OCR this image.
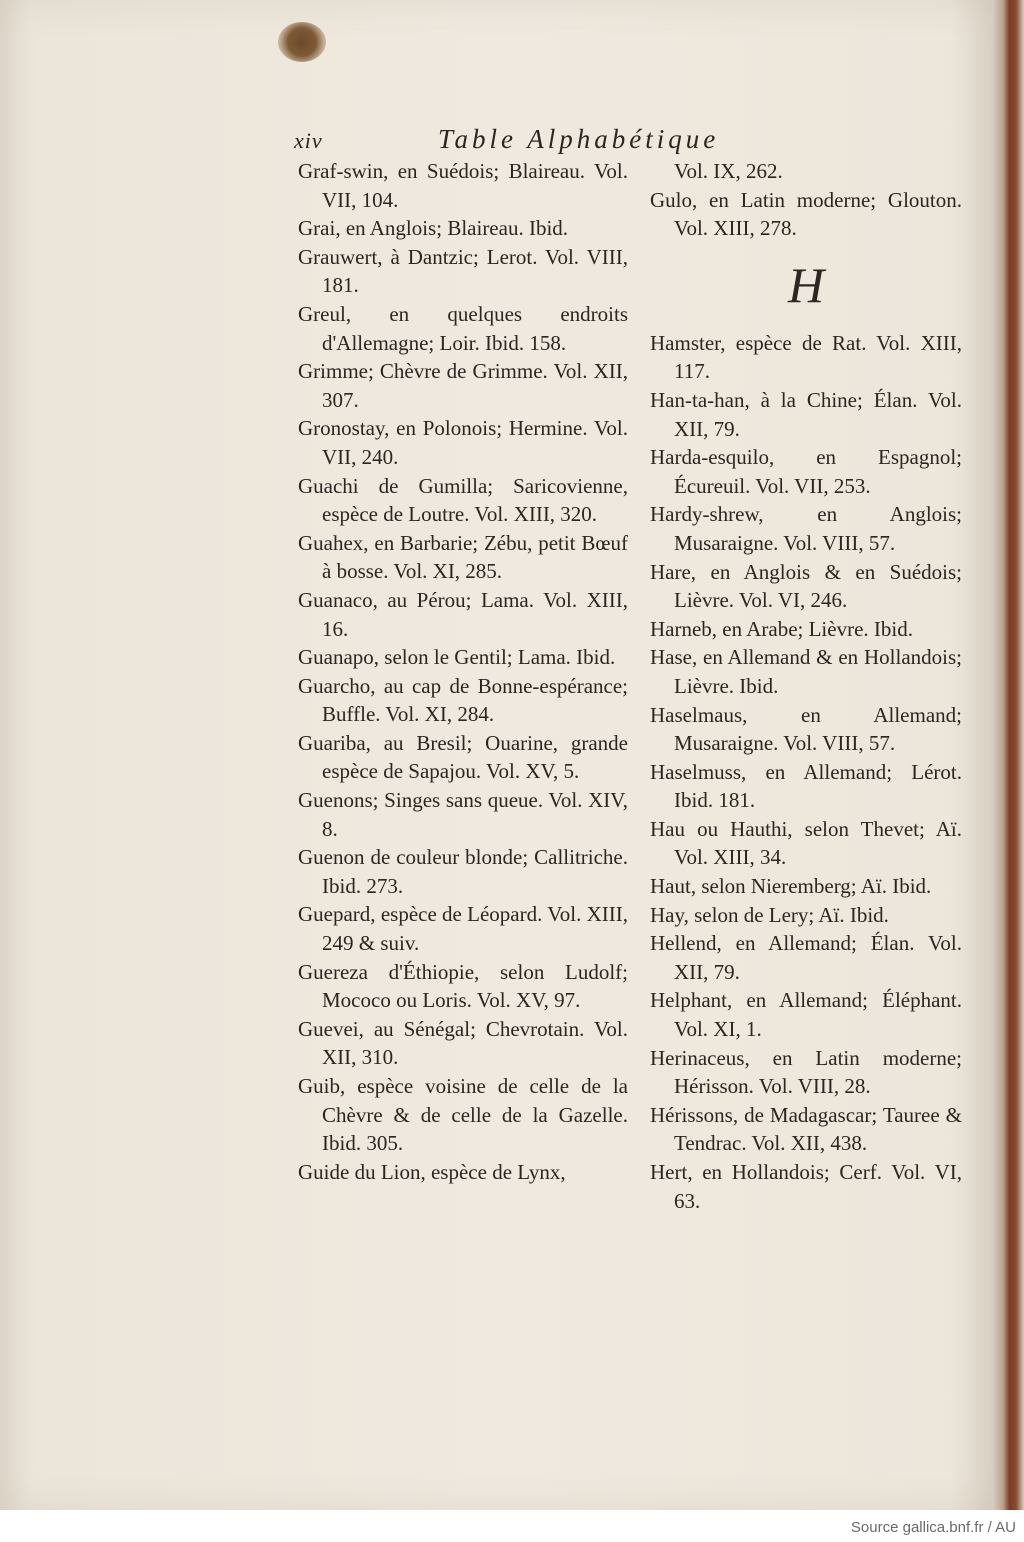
xiv	Table Alphabétique

Graf-swin, en Suédois; Blaireau. Vol. VII, 104.

Grai, en Anglois; Blaireau. Ibid.

Grauwert, à Dantzic; Lerot. Vol. VIII, 181.

Greul, en quelques endroits d'Allemagne; Loir. Ibid. 158.

Grimme; Chèvre de Grimme. Vol. XII, 307.

Gronostay, en Polonois; Hermine. Vol. VII, 240.

Guachi de Gumilla; Saricovienne, espèce de Loutre. Vol. XIII, 320.

Guahex, en Barbarie; Zébu, petit Bœuf à bosse. Vol. XI, 285.

Guanaco, au Pérou; Lama. Vol. XIII, 16.

Guanapo, selon le Gentil; Lama. Ibid.

Guarcho, au cap de Bonne-espérance; Buffle. Vol. XI, 284.

Guariba, au Bresil; Ouarine, grande espèce de Sapajou. Vol. XV, 5.

Guenons; Singes sans queue. Vol. XIV, 8.

Guenon de couleur blonde; Callitriche. Ibid. 273.

Guepard, espèce de Léopard. Vol. XIII, 249 & suiv.

Guereza d'Éthiopie, selon Ludolf; Mococo ou Loris. Vol. XV, 97.

Guevei, au Sénégal; Chevrotain. Vol. XII, 310.

Guib, espèce voisine de celle de la Chèvre & de celle de la Gazelle. Ibid. 305.

Guide du Lion, espèce de Lynx,

Vol. IX, 262.

Gulo, en Latin moderne; Glouton. Vol. XIII, 278.

H

Hamster, espèce de Rat. Vol. XIII, 117.

Han-ta-han, à la Chine; Élan. Vol. XII, 79.

Harda-esquilo, en Espagnol; Écureuil. Vol. VII, 253.

Hardy-shrew, en Anglois; Musaraigne. Vol. VIII, 57.

Hare, en Anglois & en Suédois; Lièvre. Vol. VI, 246.

Harneb, en Arabe; Lièvre. Ibid.

Hase, en Allemand & en Hollandois; Lièvre. Ibid.

Haselmaus, en Allemand; Musaraigne. Vol. VIII, 57.

Haselmuss, en Allemand; Lérot. Ibid. 181.

Hau ou Hauthi, selon Thevet; Aï. Vol. XIII, 34.

Haut, selon Nieremberg; Aï. Ibid.

Hay, selon de Lery; Aï. Ibid.

Hellend, en Allemand; Élan. Vol. XII, 79.

Helphant, en Allemand; Éléphant. Vol. XI, 1.

Herinaceus, en Latin moderne; Hérisson. Vol. VIII, 28.

Hérissons, de Madagascar; Tauree & Tendrac. Vol. XII, 438.

Hert, en Hollandois; Cerf. Vol. VI, 63.

Source gallica.bnf.fr / AU
